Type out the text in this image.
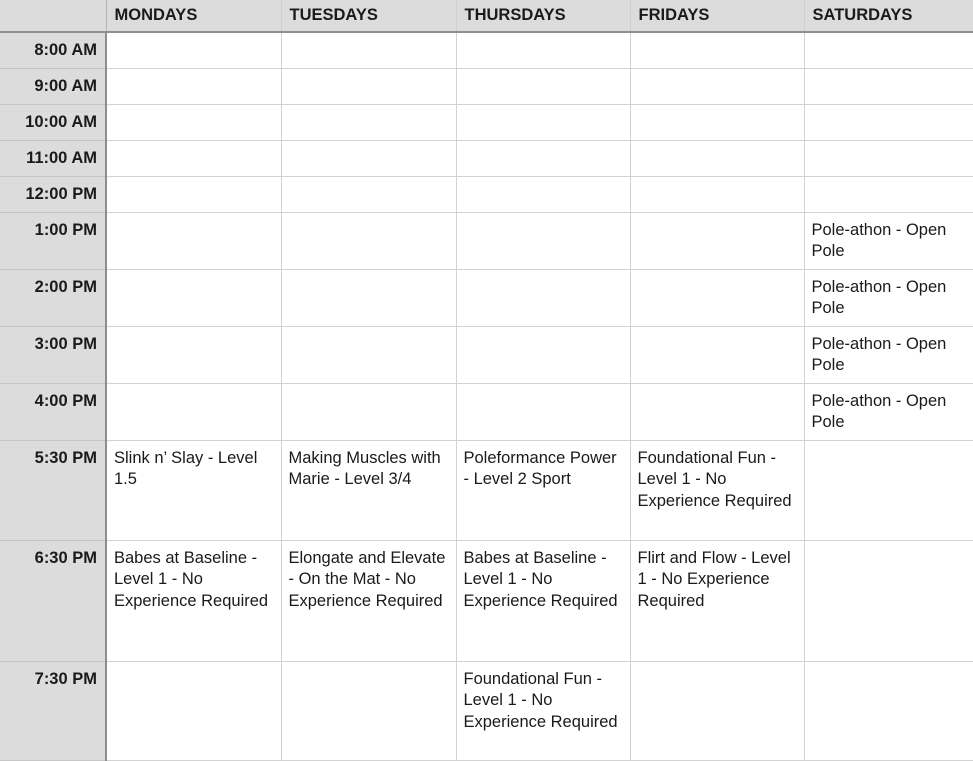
	MONDAYS	TUESDAYS	THURSDAYS	FRIDAYS	SATURDAYS
8:00 AM					
9:00 AM					
10:00 AM					
11:00 AM					
12:00 PM					
1:00 PM					Pole-athon - Open Pole
2:00 PM					Pole-athon - Open Pole
3:00 PM					Pole-athon - Open Pole
4:00 PM					Pole-athon - Open Pole
5:30 PM	Slink n’ Slay - Level 1.5	Making Muscles with Marie - Level 3/4	Poleformance Power - Level 2 Sport	Foundational Fun - Level 1 - No Experience Required	
6:30 PM	Babes at Baseline - Level 1 - No Experience Required	Elongate and Elevate - On the Mat - No Experience Required	Babes at Baseline - Level 1 - No Experience Required	Flirt and Flow - Level 1 - No Experience Required	
7:30 PM			Foundational Fun - Level 1 - No Experience Required		
